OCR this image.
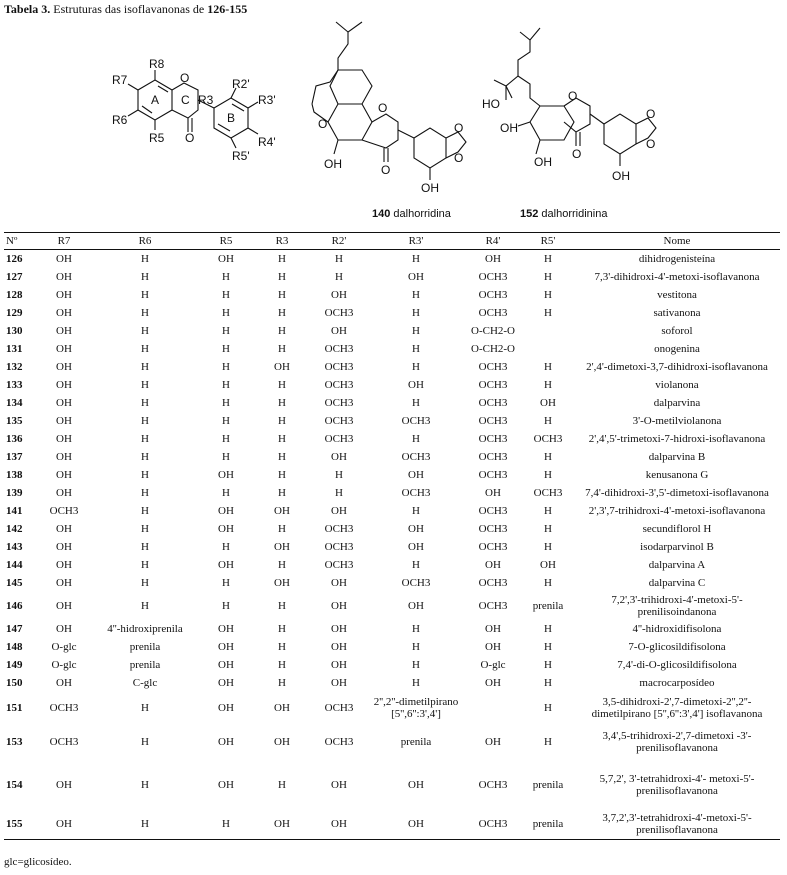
Tabela 3. Estruturas das isoflavanonas de 126-155
R8
R7
R6
R5
R3
R2'
R3'
R4'
R5'
A C
B
O
O
O
O
O
OH
O
O
OH
HO
OH
O
OH
O
O
O
OH
140 dalhorridina	152 dalhorridinina
Nº	R7	R6	R5	R3	R2'	R3'	R4'	R5'	Nome
126	OH	H	OH	H	H	H	OH	H	dihidrogenisteína
127	OH	H	H	H	H	OH	OCH3	H	7,3'-dihidroxi-4'-metoxi-isoflavanona
128	OH	H	H	H	OH	H	OCH3	H	vestitona
129	OH	H	H	H	OCH3	H	OCH3	H	sativanona
130	OH	H	H	H	OH	H	O-CH2-O		soforol
131	OH	H	H	H	OCH3	H	O-CH2-O		onogenina
132	OH	H	H	OH	OCH3	H	OCH3	H	2',4'-dimetoxi-3,7-dihidroxi-isoflavanona
133	OH	H	H	H	OCH3	OH	OCH3	H	violanona
134	OH	H	H	H	OCH3	H	OCH3	OH	dalparvina
135	OH	H	H	H	OCH3	OCH3	OCH3	H	3'-O-metilviolanona
136	OH	H	H	H	OCH3	H	OCH3	OCH3	2',4',5'-trimetoxi-7-hidroxi-isoflavanona
137	OH	H	H	H	OH	OCH3	OCH3	H	dalparvina B
138	OH	H	OH	H	H	OH	OCH3	H	kenusanona G
139	OH	H	H	H	H	OCH3	OH	OCH3	7,4'-dihidroxi-3',5'-dimetoxi-isoflavanona
141	OCH3	H	OH	OH	OH	H	OCH3	H	2',3',7-trihidroxi-4'-metoxi-isoflavanona
142	OH	H	OH	H	OCH3	OH	OCH3	H	secundiflorol H
143	OH	H	H	OH	OCH3	OH	OCH3	H	isodarparvinol B
144	OH	H	OH	H	OCH3	H	OH	OH	dalparvina A
145	OH	H	H	OH	OH	OCH3	OCH3	H	dalparvina C
146	OH	H	H	H	OH	OH	OCH3	prenila	7,2',3'-trihidroxi-4'-metoxi-5'-prenilisoindanona
147	OH	4''-hidroxiprenila	OH	H	OH	H	OH	H	4''-hidroxidifisolona
148	O-glc	prenila	OH	H	OH	H	OH	H	7-O-glicosildifisolona
149	O-glc	prenila	OH	H	OH	H	O-glc	H	7,4'-di-O-glicosildifisolona
150	OH	C-glc	OH	H	OH	H	OH	H	macrocarposídeo
151	OCH3	H	OH	OH	OCH3	2'',2''-dimetilpirano [5'',6'':3',4']		H	3,5-dihidroxi-2',7-dimetoxi-2'',2''-dimetilpirano [5'',6'':3',4'] isoflavanona
153	OCH3	H	OH	OH	OCH3	prenila	OH	H	3,4',5-trihidroxi-2',7-dimetoxi -3'-prenilisoflavanona
154	OH	H	OH	H	OH	OH	OCH3	prenila	5,7,2', 3'-tetrahidroxi-4'- metoxi-5'-prenilisoflavanona
155	OH	H	H	OH	OH	OH	OCH3	prenila	3,7,2',3'-tetrahidroxi-4'-metoxi-5'-prenilisoflavanona
glc=glicosídeo.
